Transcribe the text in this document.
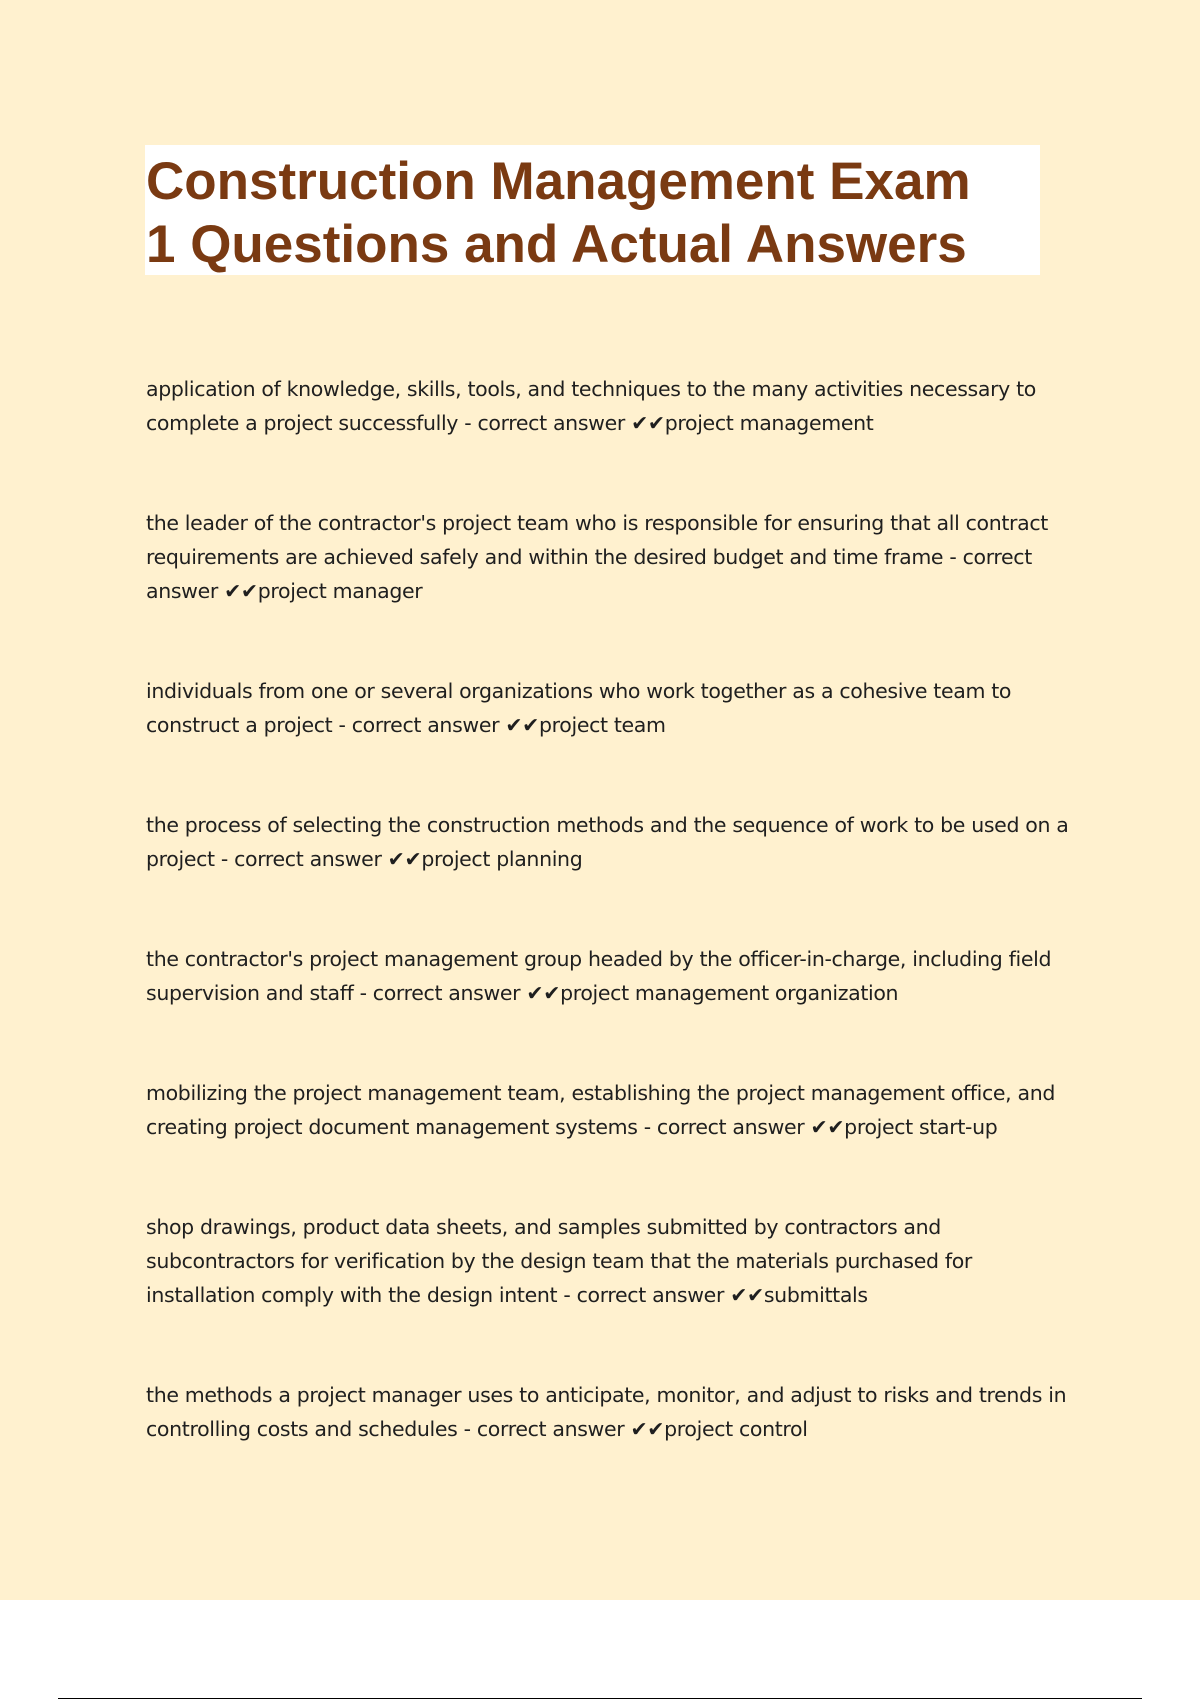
Construction Management Exam
1 Questions and Actual Answers

application of knowledge, skills, tools, and techniques to the many activities necessary to complete a project successfully - correct answer ✔✔project management

the leader of the contractor's project team who is responsible for ensuring that all contract requirements are achieved safely and within the desired budget and time frame - correct answer ✔✔project manager

individuals from one or several organizations who work together as a cohesive team to construct a project - correct answer ✔✔project team

the process of selecting the construction methods and the sequence of work to be used on a project - correct answer ✔✔project planning

the contractor's project management group headed by the officer-in-charge, including field supervision and staff - correct answer ✔✔project management organization

mobilizing the project management team, establishing the project management office, and creating project document management systems - correct answer ✔✔project start-up

shop drawings, product data sheets, and samples submitted by contractors and subcontractors for verification by the design team that the materials purchased for installation comply with the design intent - correct answer ✔✔submittals

the methods a project manager uses to anticipate, monitor, and adjust to risks and trends in controlling costs and schedules - correct answer ✔✔project control
